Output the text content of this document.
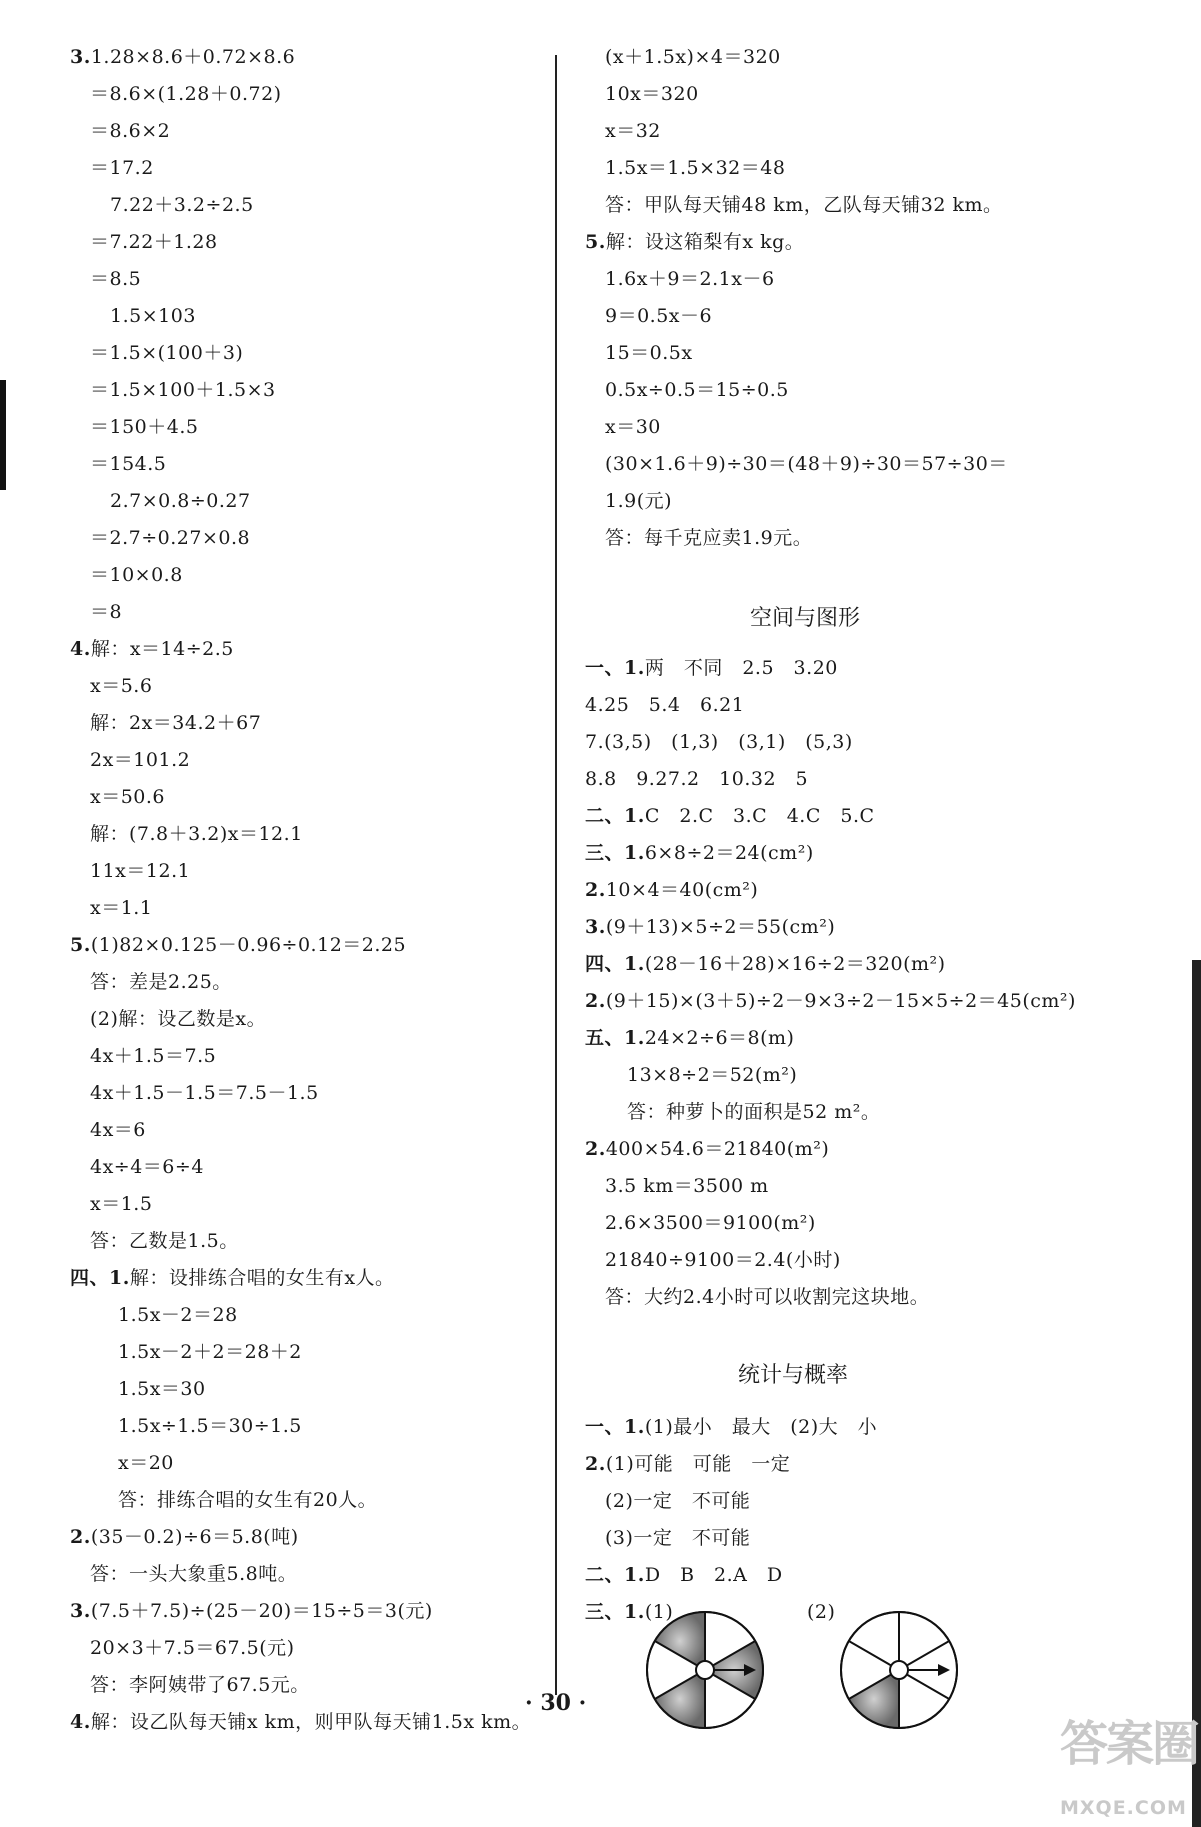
3.1.28×8.6＋0.72×8.6
＝8.6×(1.28＋0.72)
＝8.6×2
＝17.2
7.22＋3.2÷2.5
＝7.22＋1.28
＝8.5
1.5×103
＝1.5×(100＋3)
＝1.5×100＋1.5×3
＝150＋4.5
＝154.5
2.7×0.8÷0.27
＝2.7÷0.27×0.8
＝10×0.8
＝8
4.解：x＝14÷2.5
x＝5.6
解：2x＝34.2＋67
2x＝101.2
x＝50.6
解：(7.8＋3.2)x＝12.1
11x＝12.1
x＝1.1
5.(1)82×0.125－0.96÷0.12＝2.25
答：差是2.25。
(2)解：设乙数是x。
4x＋1.5＝7.5
4x＋1.5－1.5＝7.5－1.5
4x＝6
4x÷4＝6÷4
x＝1.5
答：乙数是1.5。
四、1.解：设排练合唱的女生有x人。
1.5x－2＝28
1.5x－2＋2＝28＋2
1.5x＝30
1.5x÷1.5＝30÷1.5
x＝20
答：排练合唱的女生有20人。
2.(35－0.2)÷6＝5.8(吨)
答：一头大象重5.8吨。
3.(7.5＋7.5)÷(25－20)＝15÷5＝3(元)
20×3＋7.5＝67.5(元)
答：李阿姨带了67.5元。
4.解：设乙队每天铺x km，则甲队每天铺1.5x km。
(x＋1.5x)×4＝320
10x＝320
x＝32
1.5x＝1.5×32＝48
答：甲队每天铺48 km，乙队每天铺32 km。
5.解：设这箱梨有x kg。
1.6x＋9＝2.1x－6
9＝0.5x－6
15＝0.5x
0.5x÷0.5＝15÷0.5
x＝30
(30×1.6＋9)÷30＝(48＋9)÷30＝57÷30＝
1.9(元)
答：每千克应卖1.9元。
一、1.两　不同　2.5　3.20
4.25　5.4　6.21
7.(3,5)　(1,3)　(3,1)　(5,3)
8.8　9.27.2　10.32　5
二、1.C　2.C　3.C　4.C　5.C
三、1.6×8÷2＝24(cm²)
2.10×4＝40(cm²)
3.(9＋13)×5÷2＝55(cm²)
四、1.(28－16＋28)×16÷2＝320(m²)
2.(9＋15)×(3＋5)÷2－9×3÷2－15×5÷2＝45(cm²)
五、1.24×2÷6＝8(m)
13×8÷2＝52(m²)
答：种萝卜的面积是52 m²。
2.400×54.6＝21840(m²)
3.5 km＝3500 m
2.6×3500＝9100(m²)
21840÷9100＝2.4(小时)
答：大约2.4小时可以收割完这块地。
一、1.(1)最小　最大　(2)大　小
2.(1)可能　可能　一定
(2)一定　不可能
(3)一定　不可能
二、1.D　B　2.A　D
三、1.(1)	(2)
空间与图形
统计与概率
· 30 ·
答案圈
MXQE.COM
